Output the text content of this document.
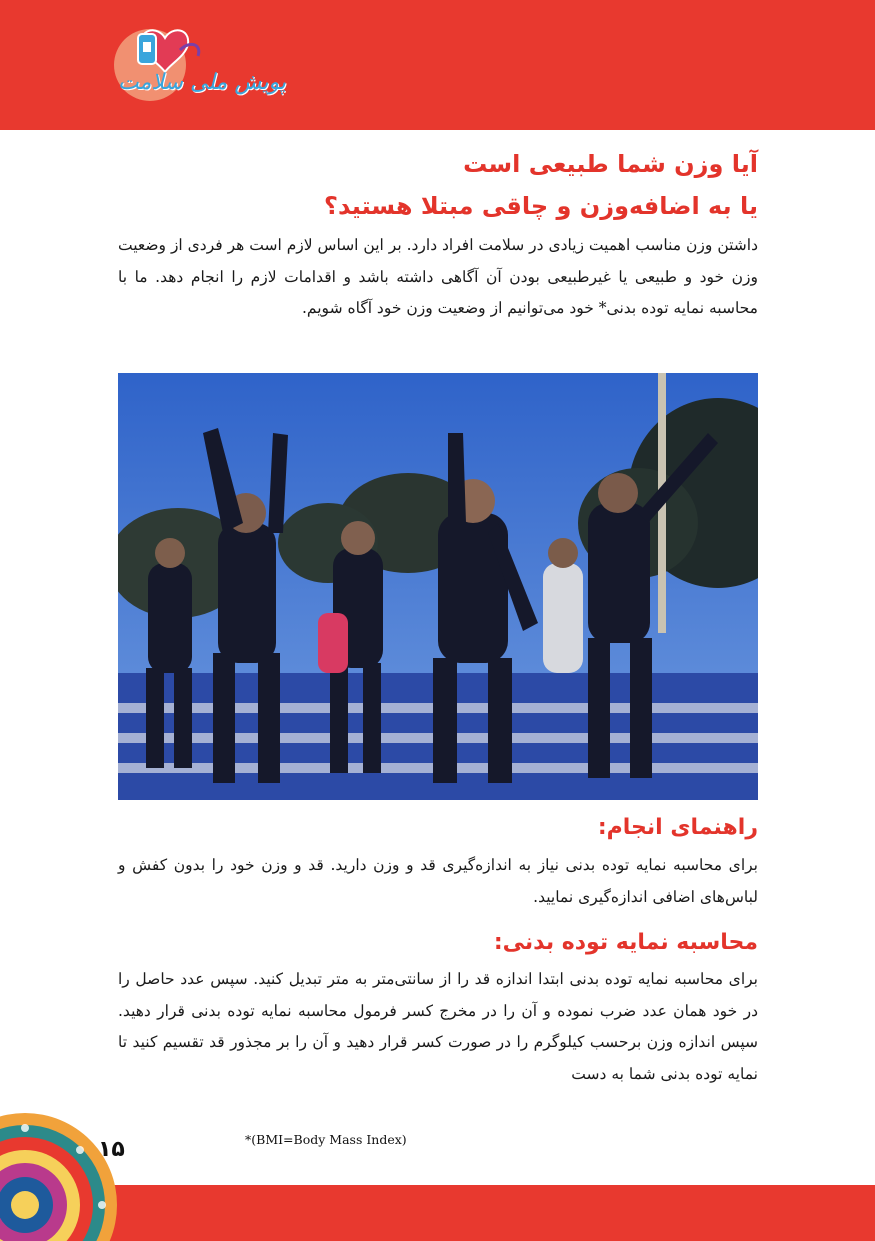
پویش ملی سلامت
آیا وزن شما طبیعی است
یا به اضافه‌وزن و چاقی مبتلا هستید؟

داشتن وزن مناسب اهمیت زیادی در سلامت افراد دارد. بر این اساس لازم است هر فردی از وضعیت وزن خود و طبیعی یا غیرطبیعی بودن آن آگاهی داشته باشد و اقدامات لازم را انجام دهد. ما با محاسبه نمایه توده بدنی* خود می‌توانیم از وضعیت وزن خود آگاه شویم.

راهنمای انجام:

برای محاسبه نمایه توده بدنی نیاز به اندازه‌گیری قد و وزن دارید. قد و وزن خود را بدون کفش و لباس‌های اضافی اندازه‌گیری نمایید.

محاسبه نمایه توده بدنی:

برای محاسبه نمایه توده بدنی ابتدا اندازه قد را از سانتی‌متر به متر تبدیل کنید. سپس عدد حاصل را در خود همان عدد ضرب نموده و آن را در مخرج کسر فرمول محاسبه نمایه توده بدنی قرار دهید. سپس اندازه وزن برحسب کیلوگرم را در صورت کسر قرار دهید و آن را بر مجذور قد تقسیم کنید تا نمایه توده بدنی شما به دست

*(BMI=Body Mass Index)
۱۵
